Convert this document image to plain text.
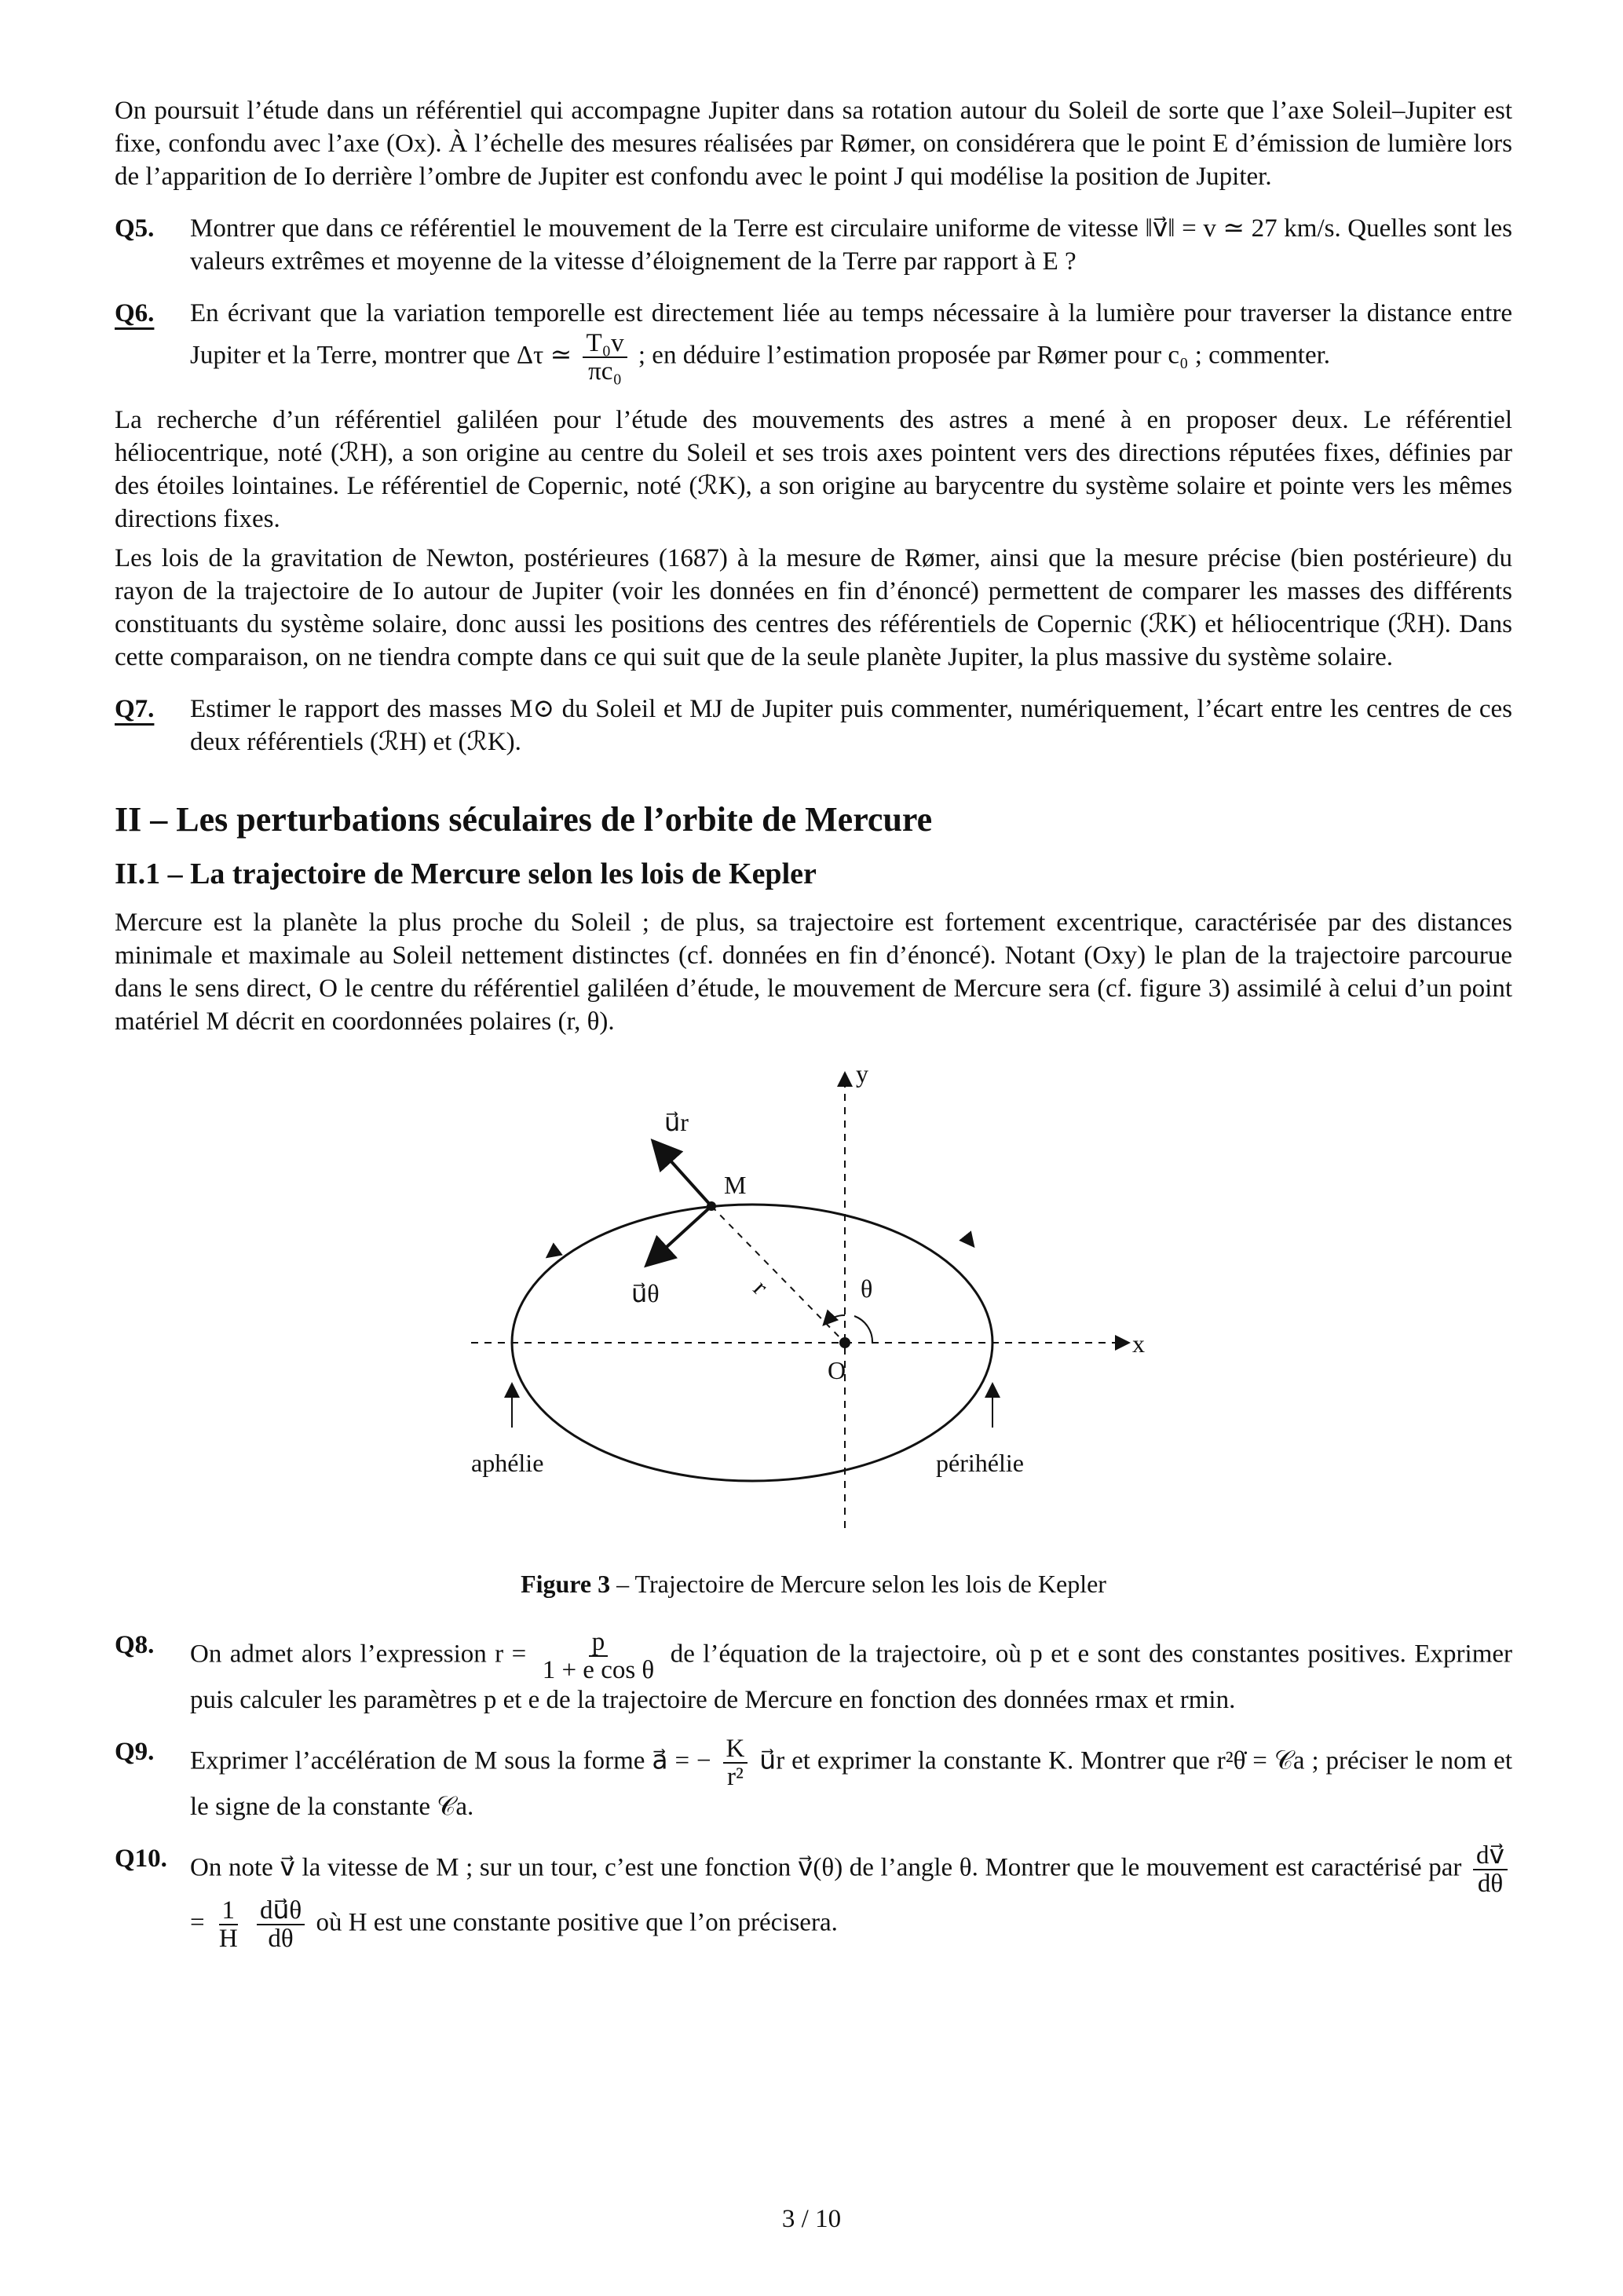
On poursuit l’étude dans un référentiel qui accompagne Jupiter dans sa rotation autour du Soleil de sorte que l’axe Soleil–Jupiter est fixe, confondu avec l’axe (Ox). À l’échelle des mesures réalisées par Rømer, on considérera que le point E d’émission de lumière lors de l’apparition de Io derrière l’ombre de Jupiter est confondu avec le point J qui modélise la position de Jupiter.

Q5.	Montrer que dans ce référentiel le mouvement de la Terre est circulaire uniforme de vitesse ‖v⃗‖ = v ≃ 27 km/s. Quelles sont les valeurs extrêmes et moyenne de la vitesse d’éloignement de la Terre par rapport à E ?
Q6.	En écrivant que la variation temporelle est directement liée au temps nécessaire à la lumière pour traverser la distance entre Jupiter et la Terre, montrer que Δτ ≃ $\frac{\text{T₀v}}{\text{πc₀}}$ ; en déduire l’estimation proposée par Rømer pour c₀ ; commenter.

La recherche d’un référentiel galiléen pour l’étude des mouvements des astres a mené à en proposer deux. Le référentiel héliocentrique, noté (ℛH), a son origine au centre du Soleil et ses trois axes pointent vers des directions réputées fixes, définies par des étoiles lointaines. Le référentiel de Copernic, noté (ℛK), a son origine au barycentre du système solaire et pointe vers les mêmes directions fixes.

Les lois de la gravitation de Newton, postérieures (1687) à la mesure de Rømer, ainsi que la mesure précise (bien postérieure) du rayon de la trajectoire de Io autour de Jupiter (voir les données en fin d’énoncé) permettent de comparer les masses des différents constituants du système solaire, donc aussi les positions des centres des référentiels de Copernic (ℛK) et héliocentrique (ℛH). Dans cette comparaison, on ne tiendra compte dans ce qui suit que de la seule planète Jupiter, la plus massive du système solaire.

Q7.	Estimer le rapport des masses M⊙ du Soleil et MJ de Jupiter puis commenter, numériquement, l’écart entre les centres de ces deux référentiels (ℛH) et (ℛK).
II – Les perturbations séculaires de l’orbite de Mercure
II.1 – La trajectoire de Mercure selon les lois de Kepler

Mercure est la planète la plus proche du Soleil ; de plus, sa trajectoire est fortement excentrique, caractérisée par des distances minimale et maximale au Soleil nettement distinctes (cf. données en fin d’énoncé). Notant (Oxy) le plan de la trajectoire parcourue dans le sens direct, O le centre du référentiel galiléen d’étude, le mouvement de Mercure sera (cf. figure 3) assimilé à celui d’un point matériel M décrit en coordonnées polaires (r, θ).

y
x
u⃗r
u⃗θ
M
r	θ
O
aphélie	périhélie
Figure 3 – Trajectoire de Mercure selon les lois de Kepler
Q8.	On admet alors l’expression $r = \frac{p}{\text{1 + e cos θ}}$ de l’équation de la trajectoire, où p et e sont des constantes positives. Exprimer puis calculer les paramètres p et e de la trajectoire de Mercure en fonction des données rmax et rmin.
Q9.	Exprimer l’accélération de M sous la forme a⃗ = − $\frac{K}{\text{r²}}$ u⃗r et exprimer la constante K. Montrer que r²θ̇ = 𝒞a ; préciser le nom et le signe de la constante 𝒞a.
Q10. On note v⃗ la vitesse de M ; sur un tour, c’est une fonction v⃗(θ) de l’angle θ. Montrer que le mouvement est caractérisé par $\frac{dv⃗}{d\theta}$
= $\frac{1}{H}$
$\frac{du⃗\theta}{d\theta}$ où H est une constante positive que l’on précisera.
3 / 10
